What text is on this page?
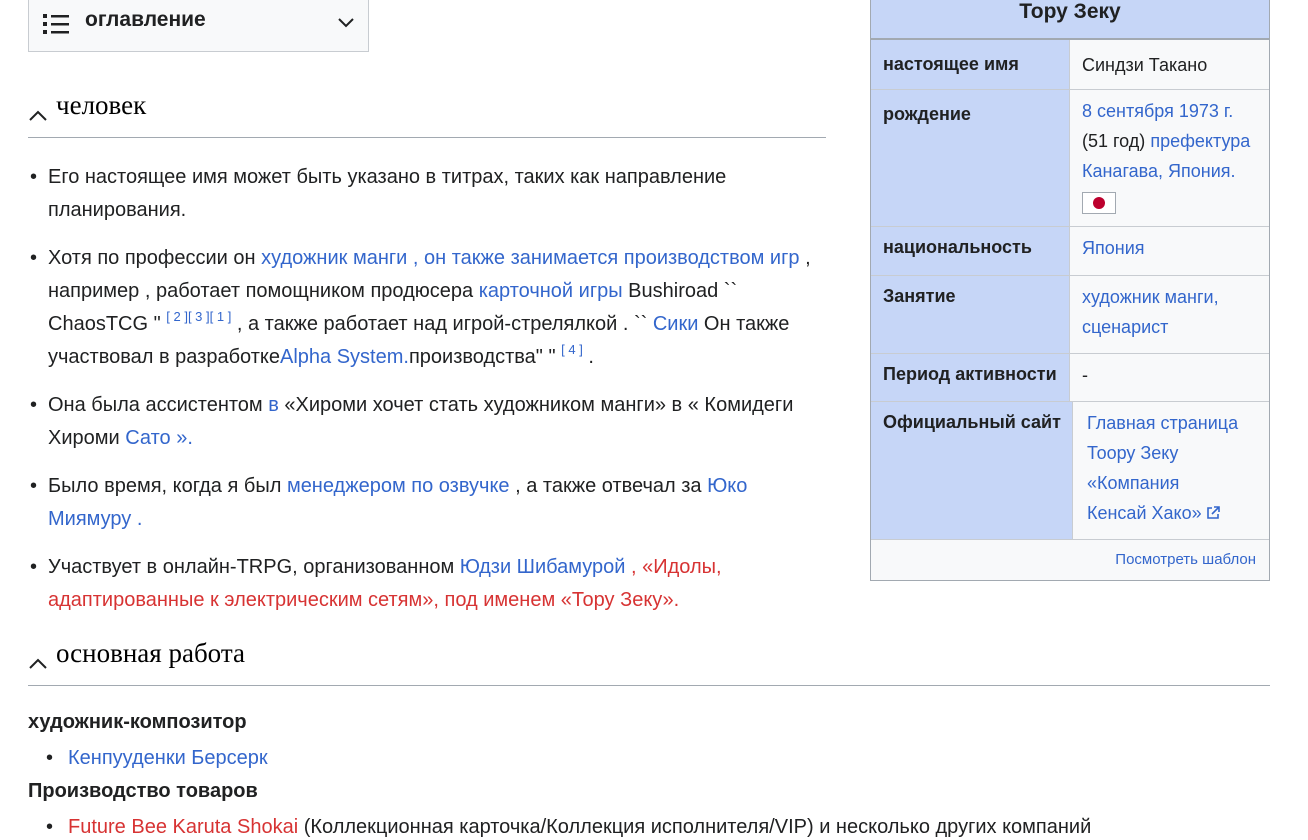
оглавление
человек
• Его настоящее имя может быть указано в титрах, таких как направление планирования.
• Хотя по профессии он художник манги , он также занимается производством игр , например , работает помощником продюсера карточной игры Bushiroad `` ChaosTCG " [ 2 ][ 3 ][ 1 ] , а также работает над игрой-стрелялкой . `` Сики Он также участвовал в разработкеAlpha System.производства" " [ 4 ] .
• Она была ассистентом в «Хироми хочет стать художником манги» в « Комидеги Хироми Сато ».
• Было время, когда я был менеджером по озвучке , а также отвечал за Юко Миямуру .
• Участвует в онлайн-TRPG, организованном Юдзи Шибамурой , «Идолы, адаптированные к электрическим сетям», под именем «Тору Зеку».
Тору Зеку
настоящее имя	Синдзи Такано
рождение	8 сентября 1973 г.
(51 год) префектура Канагава, Япония.

национальность	Япония
Занятие	художник манги, сценарист
Период активности	-
Официальный сайт	Главная страница Тоору Зеку «Компания Кенсай Хако»
Посмотреть шаблон
основная работа
художник-композитор
• Кенпууденки Берсерк
Производство товаров
• Future Bee Karuta Shokai (Коллекционная карточка/Коллекция исполнителя/VIP) и несколько других компаний
